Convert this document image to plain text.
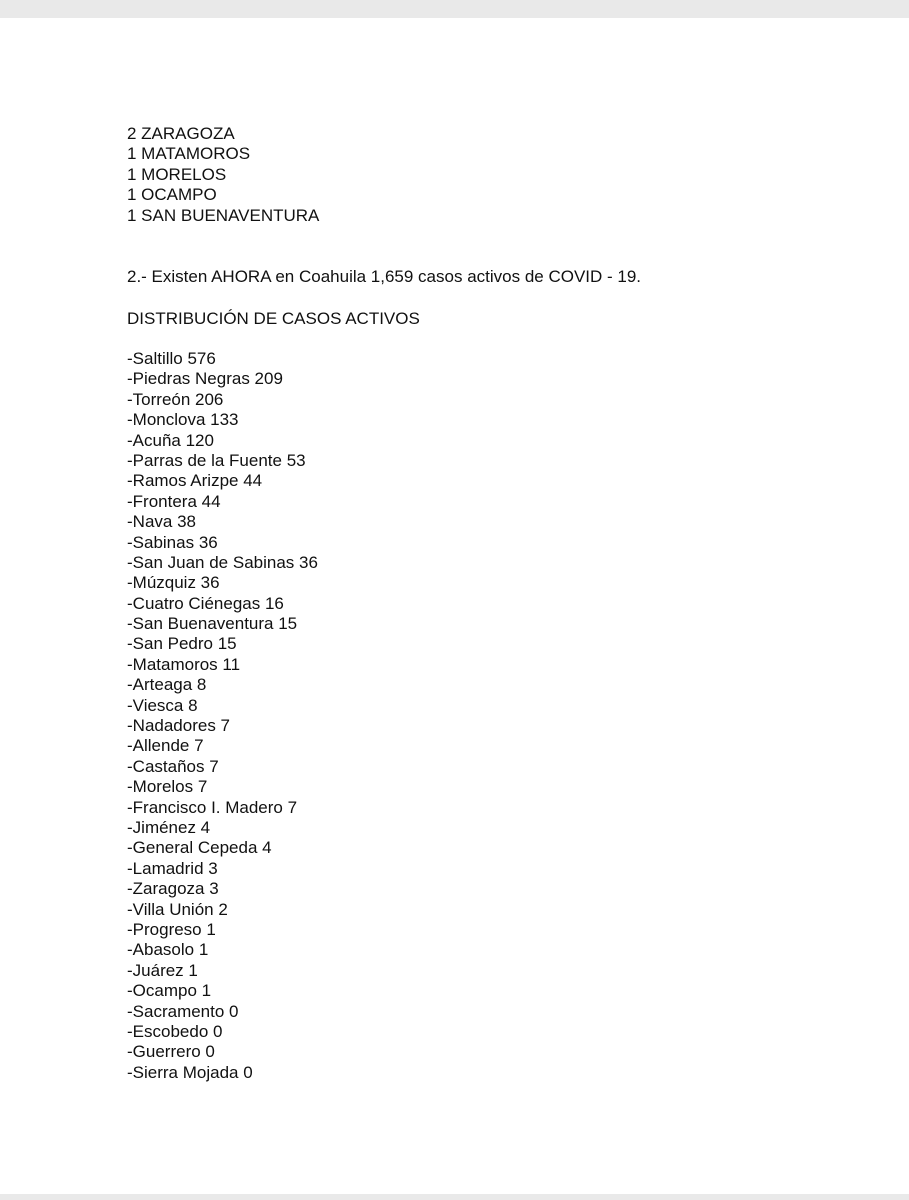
2 ZARAGOZA
1 MATAMOROS
1 MORELOS
1 OCAMPO
1 SAN BUENAVENTURA
2.- Existen AHORA en Coahuila 1,659 casos activos de COVID - 19.
DISTRIBUCIÓN DE CASOS ACTIVOS
-Saltillo 576
-Piedras Negras 209
-Torreón 206
-Monclova 133
-Acuña 120
-Parras de la Fuente 53
-Ramos Arizpe 44
-Frontera 44
-Nava 38
-Sabinas 36
-San Juan de Sabinas 36
-Múzquiz 36
-Cuatro Ciénegas 16
-San Buenaventura 15
-San Pedro 15
-Matamoros 11
-Arteaga 8
-Viesca 8
-Nadadores 7
-Allende 7
-Castaños 7
-Morelos 7
-Francisco I. Madero 7
-Jiménez 4
-General Cepeda 4
-Lamadrid 3
-Zaragoza 3
-Villa Unión 2
-Progreso 1
-Abasolo 1
-Juárez 1
-Ocampo 1
-Sacramento 0
-Escobedo 0
-Guerrero 0
-Sierra Mojada 0
